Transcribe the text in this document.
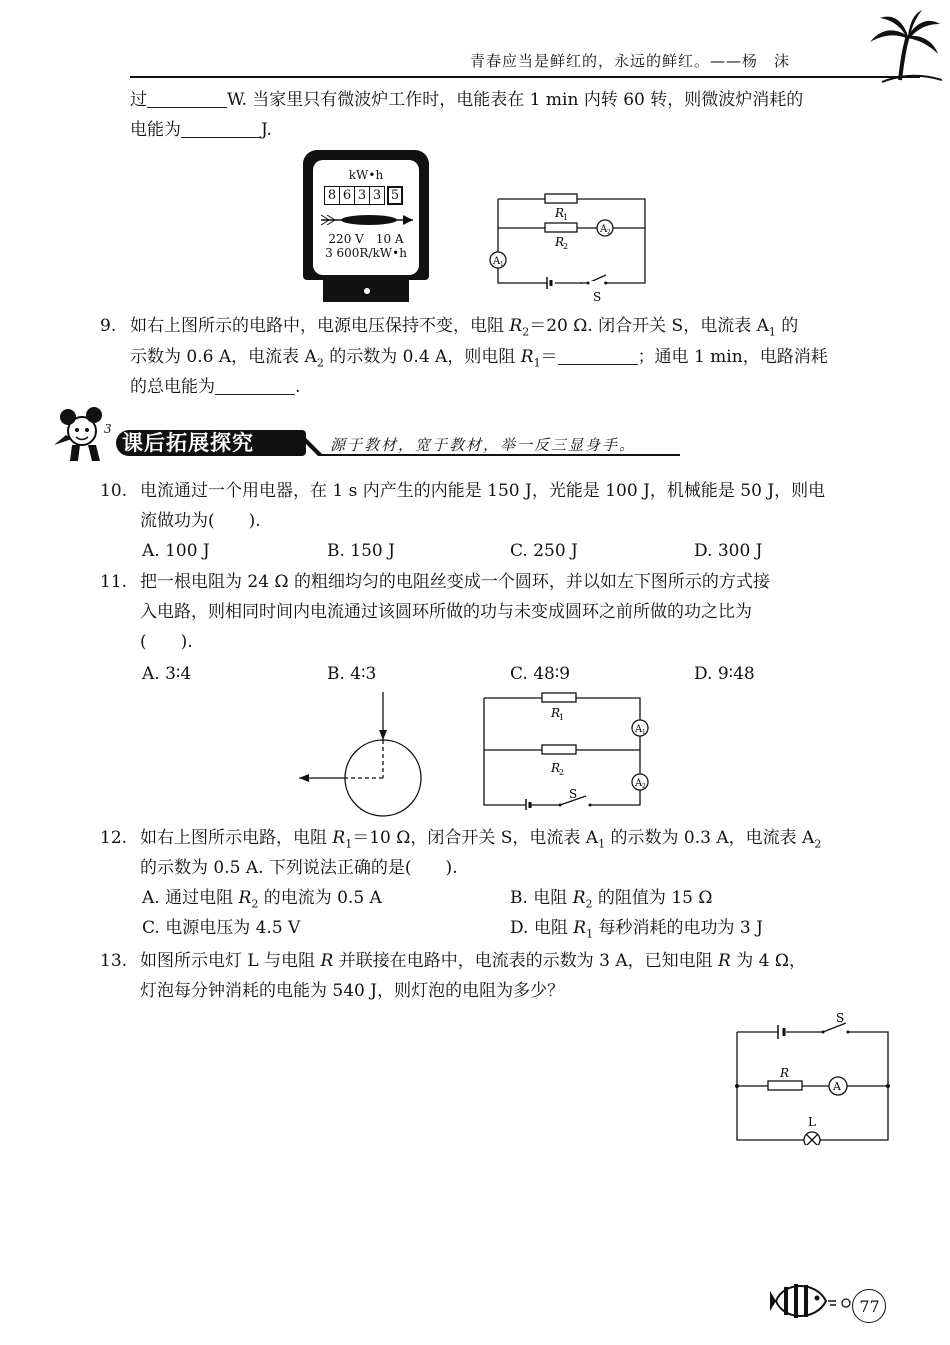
青春应当是鲜红的，永远的鲜红。——杨　沫
过	W. 当家里只有微波炉工作时，电能表在 1 min 内转 60 转，则微波炉消耗的
电能为	J.
kW•h
8 6 3 3 5
220 V　10 A
3 600R/kW•h
R
1
R
2
A 2
A 1
S
9. 如右上图所示的电路中，电源电压保持不变，电阻 $R_2=20$ Ω. 闭合开关 S，电流表 $A_1$ 的
示数为 0.6 A，电流表 $A_2$ 的示数为 0.4 A，则电阻 $R_1=$	；通电 1 min，电路消耗
的总电能为	.
3
课后拓展探究	源于教材，宽于教材，举一反三显身手。
10. 电流通过一个用电器，在 1 s 内产生的内能是 150 J，光能是 100 J，机械能是 50 J，则电
流做功为(　　).
A. 100 J	B. 150 J	C. 250 J	D. 300 J
11. 把一根电阻为 24 Ω 的粗细均匀的电阻丝变成一个圆环，并以如左下图所示的方式接
入电路，则相同时间内电流通过该圆环所做的功与未变成圆环之前所做的功之比为
(　　).
A. 3∶4	B. 4∶3	C. 48∶9	D. 9∶48
R
1
R
2
A 1
A 2
S
12. 如右上图所示电路，电阻 $R_1=10$ Ω，闭合开关 S，电流表 $A_1$ 的示数为 0.3 A，电流表 $A_2$
的示数为 0.5 A. 下列说法正确的是(　　).
A. 通过电阻 $R_2$ 的电流为 0.5 A	B. 电阻 $R_2$ 的阻值为 15 Ω
C. 电源电压为 4.5 V	D. 电阻 $R_1$ 每秒消耗的电功为 3 J
13. 如图所示电灯 L 与电阻 R 并联接在电路中，电流表的示数为 3 A，已知电阻 R 为 4 Ω，
灯泡每分钟消耗的电能为 540 J，则灯泡的电阻为多少？
R
A
L
S
77
